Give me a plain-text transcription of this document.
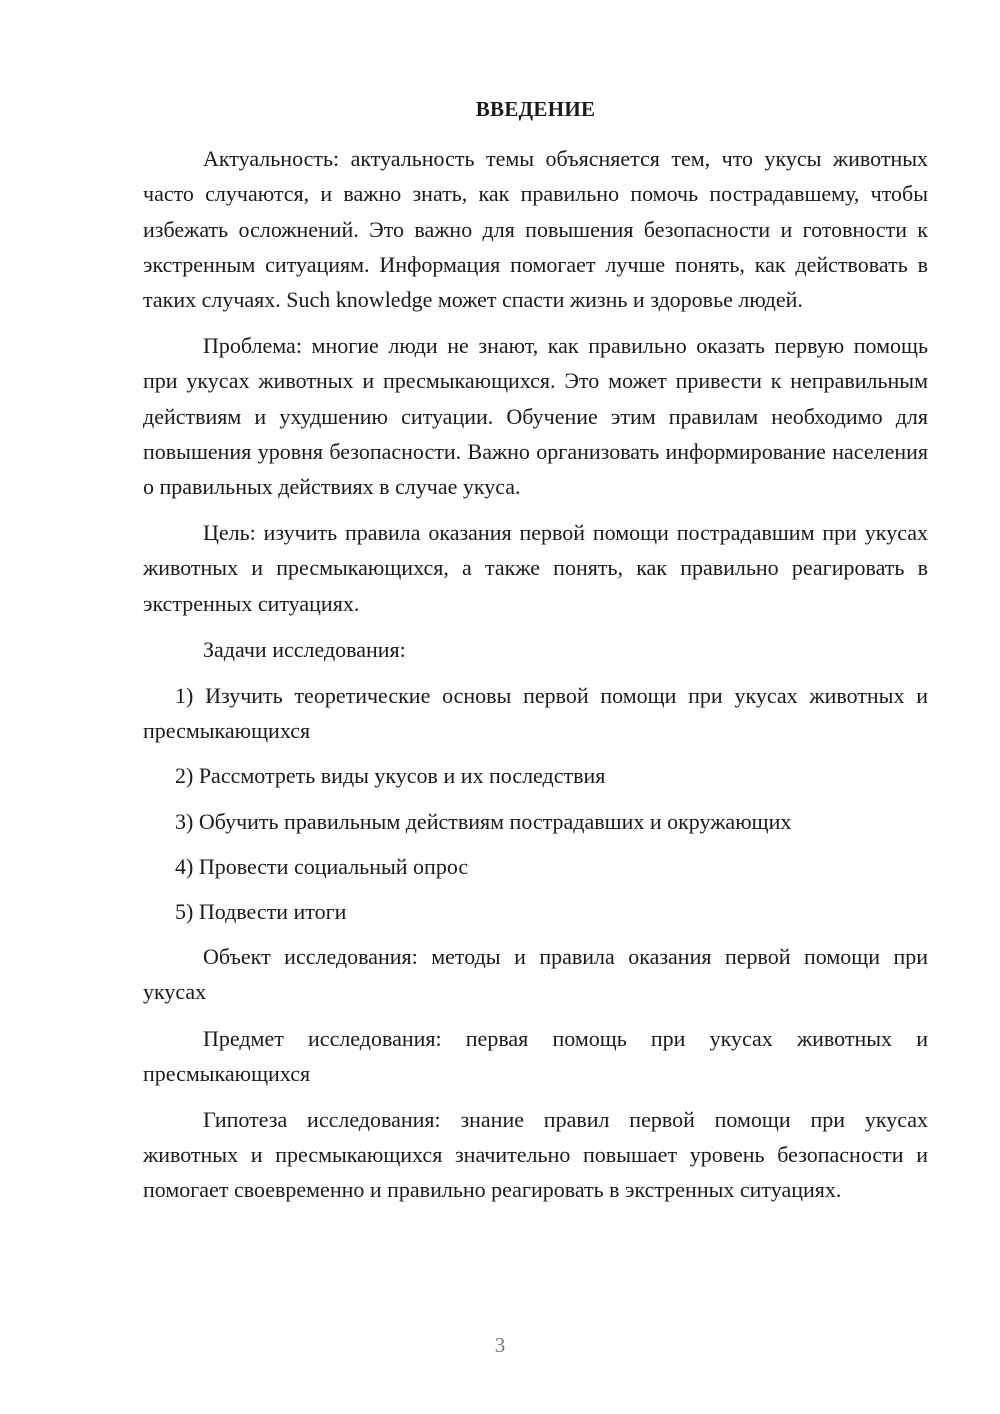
ВВЕДЕНИЕ

Актуальность: актуальность темы объясняется тем, что укусы животных часто случаются, и важно знать, как правильно помочь пострадавшему, чтобы избежать осложнений. Это важно для повышения безопасности и готовности к экстренным ситуациям. Информация помогает лучше понять, как действовать в таких случаях. Such knowledge может спасти жизнь и здоровье людей.

Проблема: многие люди не знают, как правильно оказать первую помощь при укусах животных и пресмыкающихся. Это может привести к неправильным действиям и ухудшению ситуации. Обучение этим правилам необходимо для повышения уровня безопасности. Важно организовать информирование населения о правильных действиях в случае укуса.

Цель: изучить правила оказания первой помощи пострадавшим при укусах животных и пресмыкающихся, а также понять, как правильно реагировать в экстренных ситуациях.

Задачи исследования:

1) Изучить теоретические основы первой помощи при укусах животных и пресмыкающихся

2) Рассмотреть виды укусов и их последствия

3) Обучить правильным действиям пострадавших и окружающих

4) Провести социальный опрос

5) Подвести итоги

Объект исследования: методы и правила оказания первой помощи при укусах

Предмет исследования: первая помощь при укусах животных и пресмыкающихся

Гипотеза исследования: знание правил первой помощи при укусах животных и пресмыкающихся значительно повышает уровень безопасности и помогает своевременно и правильно реагировать в экстренных ситуациях.

3
